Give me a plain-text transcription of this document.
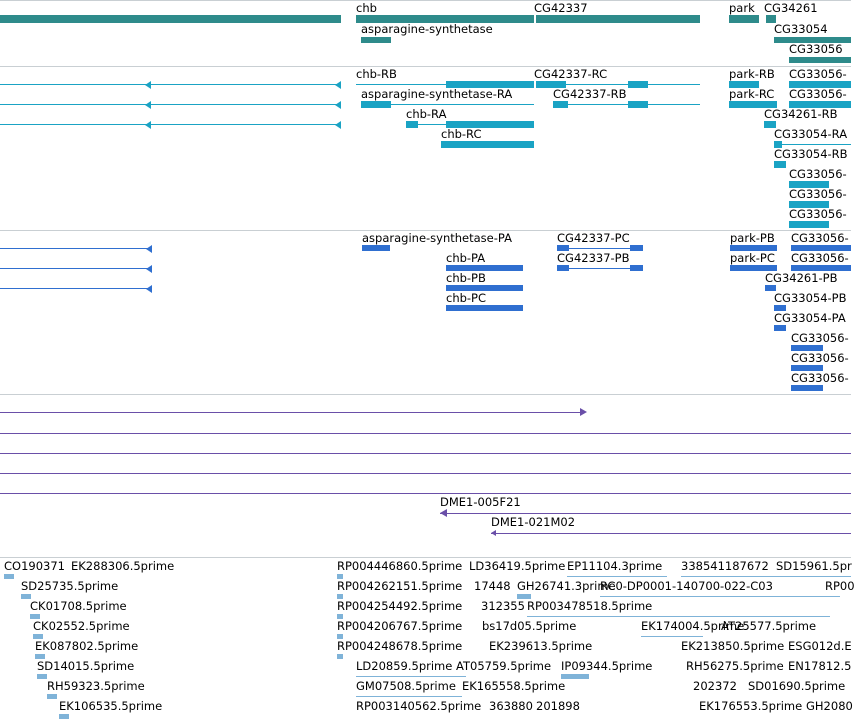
chb	CG42337	park CG34261
asparagine-synthetase	CG33054
CG33056
chb-RB	CG42337-RC	park-RB CG33056-
asparagine-synthetase-RA	CG42337-RB	park-RC CG33056-
chb-RA	CG34261-RB
chb-RC	CG33054-RA
CG33054-RB
CG33056-
CG33056-
CG33056-
asparagine-synthetase-PA	CG42337-PC	park-PB CG33056-
chb-PA	CG42337-PB	park-PC CG33056-
chb-PB	CG34261-PB
chb-PC	CG33054-PB
CG33054-PA
CG33056-
CG33056-
CG33056-
DME1-005F21
DME1-021M02
CO190371 EK288306.5prime	RP004446860.5prime LD36419.5prime EP11104.3prime 338541187672 SD15961.5pr
SD25735.5prime	RP004262151.5prime 17448 GH26741.3prime
RC0-DP0001-140700-022-C03	RP00
CK01708.5prime	RP004254492.5prime 312355 RP003478518.5prime
CK02552.5prime	RP004206767.5prime bs17d05.5prime	EK174004.5prime
AT25577.5prime
EK087802.5prime	RP004248678.5prime EK239613.5prime	EK213850.5prime ESG012d.E
SD14015.5prime	LD20859.5prime AT05759.5prime IP09344.5prime	RH56275.5prime EN17812.5
RH59323.5prime	GM07508.5prime EK165558.5prime	202372 SD01690.5prime
EK106535.5prime	RP003140562.5prime 363880 201898	EK176553.5prime GH2080
